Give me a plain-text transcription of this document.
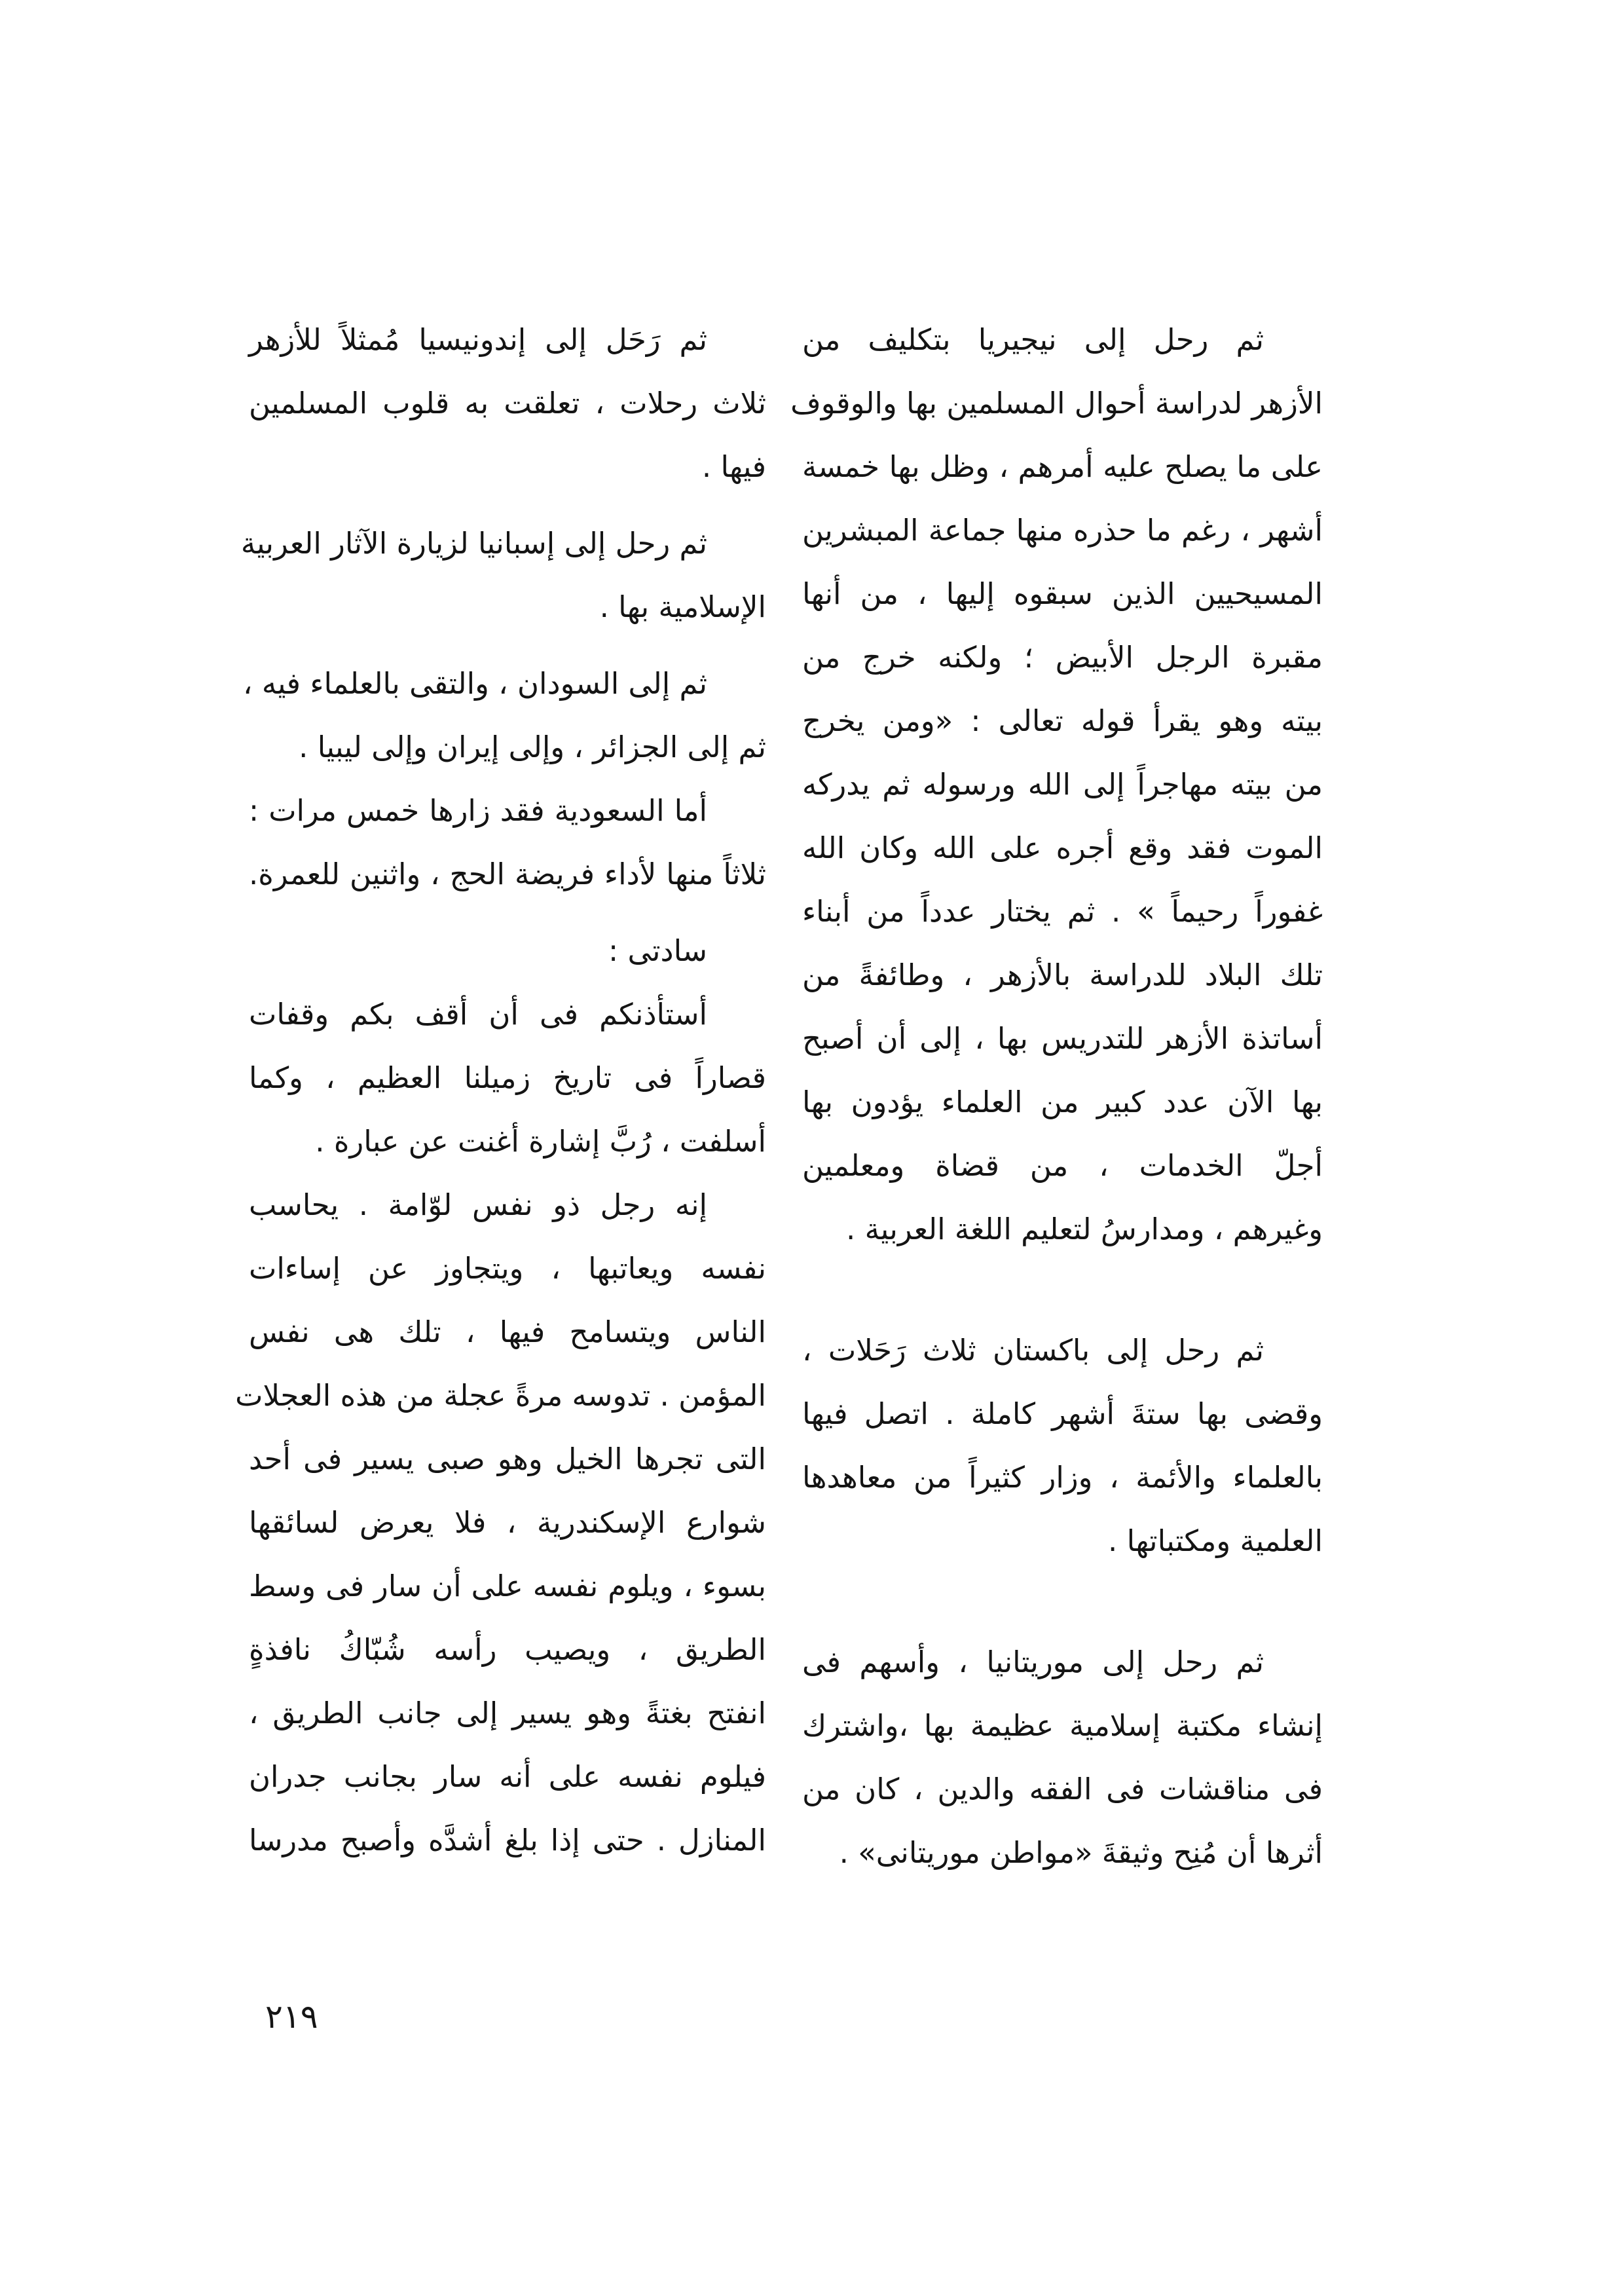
ثم رحل إلى نيجيريا بتكليف من
الأزهر لدراسة أحوال المسلمين بها والوقوف
على ما يصلح عليه أمرهم ، وظل بها خمسة
أشهر ، رغم ما حذره منها جماعة المبشرين
المسيحيين الذين سبقوه إليها ، من أنها
مقبرة الرجل الأبيض ؛ ولكنه خرج من
بيته وهو يقرأ قوله تعالى : «ومن يخرج
من بيته مهاجراً إلى الله ورسوله ثم يدركه
الموت فقد وقع أجره على الله وكان الله
غفوراً رحيماً » . ثم يختار عدداً من أبناء
تلك البلاد للدراسة بالأزهر ، وطائفةً من
أساتذة الأزهر للتدريس بها ، إلى أن أصبح
بها الآن عدد كبير من العلماء يؤدون بها
أجلّ الخدمات ، من قضاة ومعلمين
وغيرهم ، ومدارسُ لتعليم اللغة العربية .
ثم رحل إلى باكستان ثلاث رَحَلات ،
وقضى بها ستةَ أشهر كاملة . اتصل فيها
بالعلماء والأئمة ، وزار كثيراً من معاهدها
العلمية ومكتباتها .
ثم رحل إلى موريتانيا ، وأسهم فى
إنشاء مكتبة إسلامية عظيمة بها ،واشترك
فى مناقشات فى الفقه والدين ، كان من
أثرها أن مُنِح وثيقةَ «مواطن موريتانى» .
ثم رَحَل إلى إندونيسيا مُمثلاً للأزهر
ثلاث رحلات ، تعلقت به قلوب المسلمين
فيها .
ثم رحل إلى إسبانيا لزيارة الآثار العربية
الإسلامية بها .
ثم إلى السودان ، والتقى بالعلماء فيه ،
ثم إلى الجزائر ، وإلى إيران وإلى ليبيا .
أما السعودية فقد زارها خمس مرات :
ثلاثاً منها لأداء فريضة الحج ، واثنين للعمرة.
سادتى :
أستأذنكم فى أن أقف بكم وقفات
قصاراً فى تاريخ زميلنا العظيم ، وكما
أسلفت ، رُبَّ إشارة أغنت عن عبارة .
إنه رجل ذو نفس لوّامة . يحاسب
نفسه ويعاتبها ، ويتجاوز عن إساءات
الناس ويتسامح فيها ، تلك هى نفس
المؤمن . تدوسه مرةً عجلة من هذه العجلات
التى تجرها الخيل وهو صبى يسير فى أحد
شوارع الإسكندرية ، فلا يعرض لسائقها
بسوء ، ويلوم نفسه على أن سار فى وسط
الطريق ، ويصيب رأسه شُبّاكُ نافذةٍ
انفتح بغتةً وهو يسير إلى جانب الطريق ،
فيلوم نفسه على أنه سار بجانب جدران
المنازل . حتى إذا بلغ أشدَّه وأصبح مدرسا
٢١٩
